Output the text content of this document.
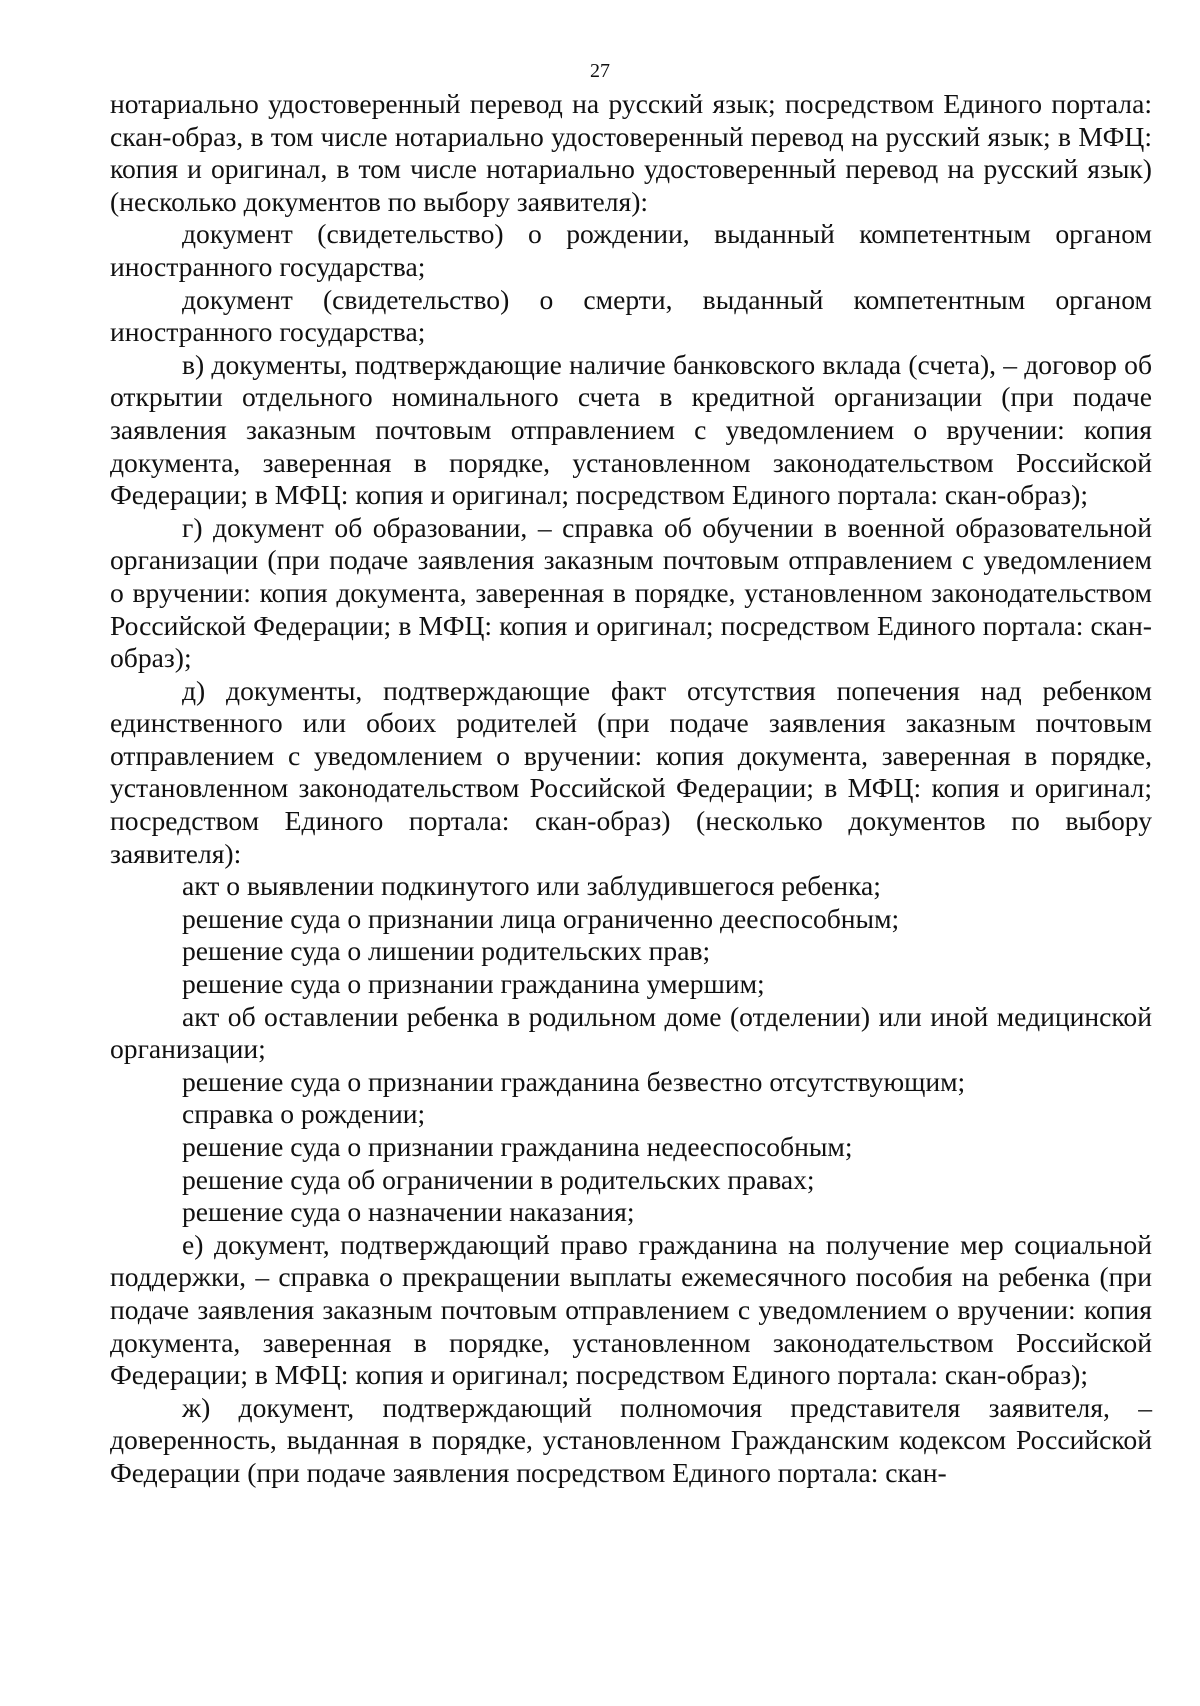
27

нотариально удостоверенный перевод на русский язык; посредством Единого портала: скан-образ, в том числе нотариально удостоверенный перевод на русский язык; в МФЦ: копия и оригинал, в том числе нотариально удостоверенный перевод на русский язык) (несколько документов по выбору заявителя):

документ (свидетельство) о рождении, выданный компетентным органом иностранного государства;

документ (свидетельство) о смерти, выданный компетентным органом иностранного государства;

в) документы, подтверждающие наличие банковского вклада (счета), – договор об открытии отдельного номинального счета в кредитной организации (при подаче заявления заказным почтовым отправлением с уведомлением о вручении: копия документа, заверенная в порядке, установленном законодательством Российской Федерации; в МФЦ: копия и оригинал; посредством Единого портала: скан-образ);

г) документ об образовании, – справка об обучении в военной образовательной организации (при подаче заявления заказным почтовым отправлением с уведомлением о вручении: копия документа, заверенная в порядке, установленном законодательством Российской Федерации; в МФЦ: копия и оригинал; посредством Единого портала: скан-образ);

д) документы, подтверждающие факт отсутствия попечения над ребенком единственного или обоих родителей (при подаче заявления заказным почтовым отправлением с уведомлением о вручении: копия документа, заверенная в порядке, установленном законодательством Российской Федерации; в МФЦ: копия и оригинал; посредством Единого портала: скан-образ) (несколько документов по выбору заявителя):

акт о выявлении подкинутого или заблудившегося ребенка;

решение суда о признании лица ограниченно дееспособным;

решение суда о лишении родительских прав;

решение суда о признании гражданина умершим;

акт об оставлении ребенка в родильном доме (отделении) или иной медицинской организации;

решение суда о признании гражданина безвестно отсутствующим;

справка о рождении;

решение суда о признании гражданина недееспособным;

решение суда об ограничении в родительских правах;

решение суда о назначении наказания;

е) документ, подтверждающий право гражданина на получение мер социальной поддержки, – справка о прекращении выплаты ежемесячного пособия на ребенка (при подаче заявления заказным почтовым отправлением с уведомлением о вручении: копия документа, заверенная в порядке, установленном законодательством Российской Федерации; в МФЦ: копия и оригинал; посредством Единого портала: скан-образ);

ж) документ, подтверждающий полномочия представителя заявителя, – доверенность, выданная в порядке, установленном Гражданским кодексом Российской Федерации (при подаче заявления посредством Единого портала: скан-
